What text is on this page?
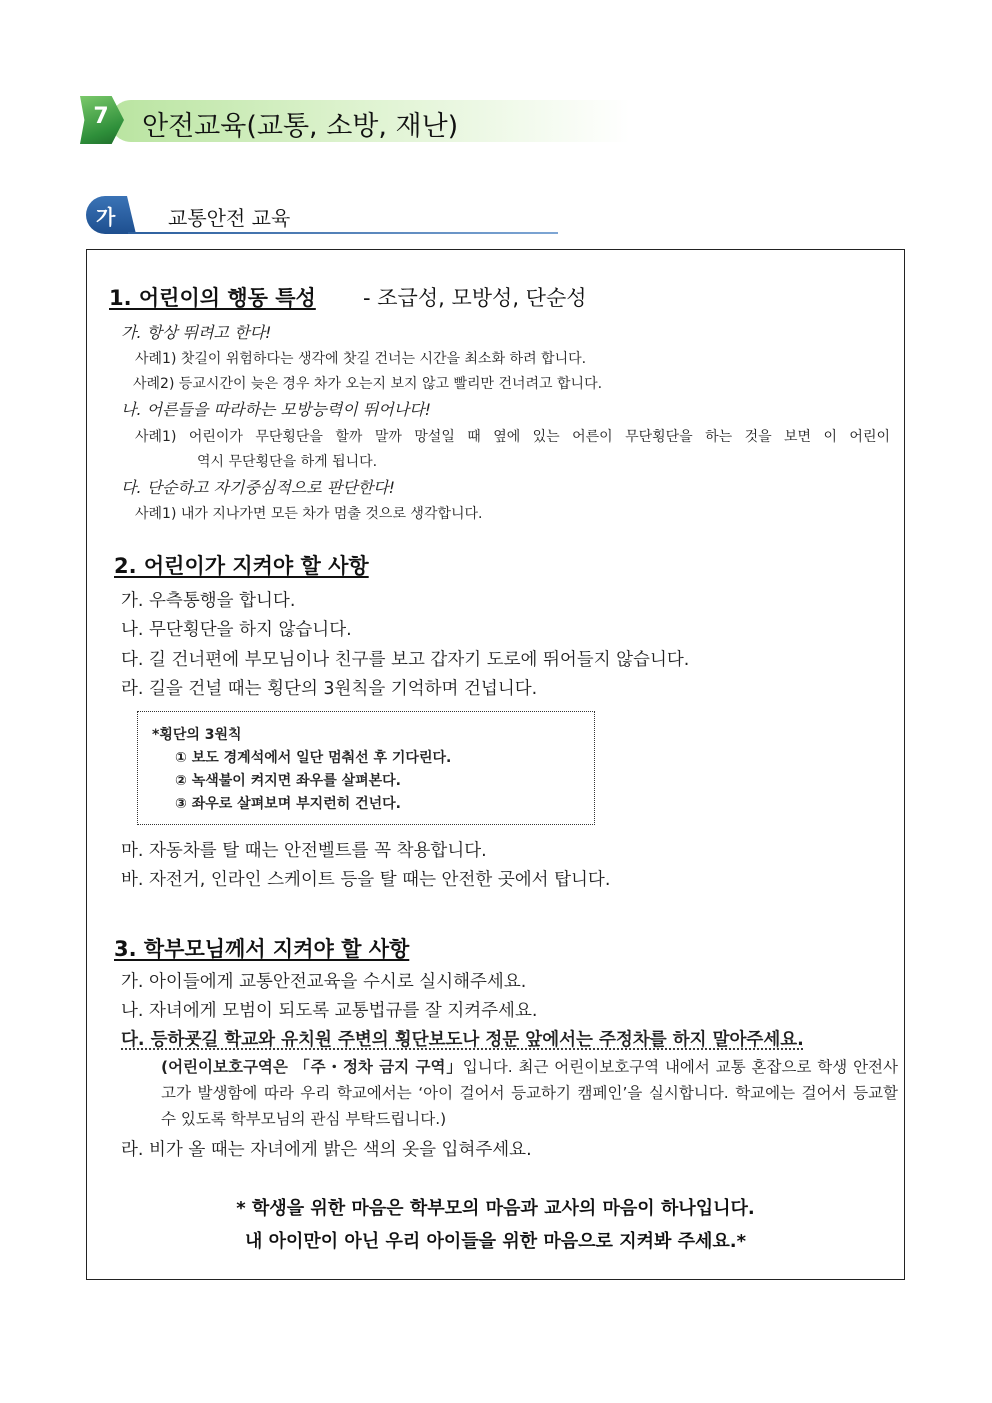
7 안전교육(교통, 소방, 재난)
가	교통안전 교육
1. 어린이의 행동 특성 - 조급성, 모방성, 단순성
가. 항상 뛰려고 한다!
사례1) 찻길이 위험하다는 생각에 찻길 건너는 시간을 최소화 하려 합니다.
사례2) 등교시간이 늦은 경우 차가 오는지 보지 않고 빨리만 건너려고 합니다.
나. 어른들을 따라하는 모방능력이 뛰어나다!
사례1) 어린이가 무단횡단을 할까 말까 망설일 때 옆에 있는 어른이 무단횡단을 하는 것을 보면 이 어린이
역시 무단횡단을 하게 됩니다.
다. 단순하고 자기중심적으로 판단한다!
사례1) 내가 지나가면 모든 차가 멈출 것으로 생각합니다.
2. 어린이가 지켜야 할 사항
가. 우측통행을 합니다.
나. 무단횡단을 하지 않습니다.
다. 길 건너편에 부모님이나 친구를 보고 갑자기 도로에 뛰어들지 않습니다.
라. 길을 건널 때는 횡단의 3원칙을 기억하며 건넙니다.
*횡단의 3원칙
① 보도 경계석에서 일단 멈춰선 후 기다린다.
② 녹색불이 켜지면 좌우를 살펴본다.
③ 좌우로 살펴보며 부지런히 건넌다.
마. 자동차를 탈 때는 안전벨트를 꼭 착용합니다.
바. 자전거, 인라인 스케이트 등을 탈 때는 안전한 곳에서 탑니다.
3. 학부모님께서 지켜야 할 사항
가. 아이들에게 교통안전교육을 수시로 실시해주세요.
나. 자녀에게 모범이 되도록 교통법규를 잘 지켜주세요.
다. 등하굣길 학교와 유치원 주변의 횡단보도나 정문 앞에서는 주정차를 하지 말아주세요.
(어린이보호구역은 「주・정차 금지 구역」입니다. 최근 어린이보호구역 내에서 교통 혼잡으로 학생 안전사고가 발생함에 따라 우리 학교에서는 ‘아이 걸어서 등교하기 캠페인’을 실시합니다. 학교에는 걸어서 등교할 수 있도록 학부모님의 관심 부탁드립니다.)
라. 비가 올 때는 자녀에게 밝은 색의 옷을 입혀주세요.
* 학생을 위한 마음은 학부모의 마음과 교사의 마음이 하나입니다.
내 아이만이 아닌 우리 아이들을 위한 마음으로 지켜봐 주세요.*
